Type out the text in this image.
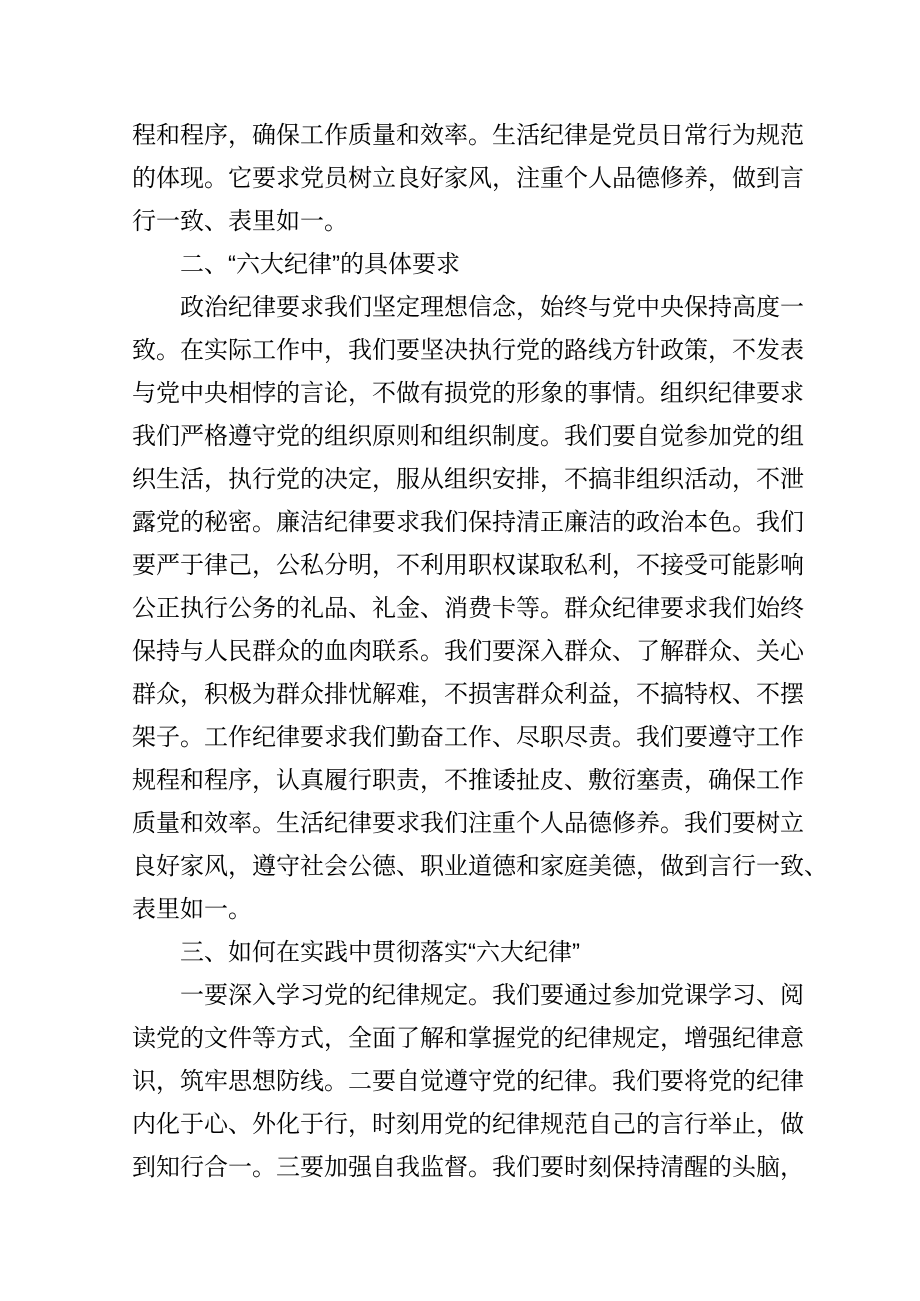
程和程序，确保工作质量和效率。生活纪律是党员日常行为规范
的体现。它要求党员树立良好家风，注重个人品德修养，做到言
行一致、表里如一。
二、“六大纪律”的具体要求
政治纪律要求我们坚定理想信念，始终与党中央保持高度一
致。在实际工作中，我们要坚决执行党的路线方针政策，不发表
与党中央相悖的言论，不做有损党的形象的事情。组织纪律要求
我们严格遵守党的组织原则和组织制度。我们要自觉参加党的组
织生活，执行党的决定，服从组织安排，不搞非组织活动，不泄
露党的秘密。廉洁纪律要求我们保持清正廉洁的政治本色。我们
要严于律己，公私分明，不利用职权谋取私利，不接受可能影响
公正执行公务的礼品、礼金、消费卡等。群众纪律要求我们始终
保持与人民群众的血肉联系。我们要深入群众、了解群众、关心
群众，积极为群众排忧解难，不损害群众利益，不搞特权、不摆
架子。工作纪律要求我们勤奋工作、尽职尽责。我们要遵守工作
规程和程序，认真履行职责，不推诿扯皮、敷衍塞责，确保工作
质量和效率。生活纪律要求我们注重个人品德修养。我们要树立
良好家风，遵守社会公德、职业道德和家庭美德，做到言行一致、
表里如一。
三、如何在实践中贯彻落实“六大纪律”
一要深入学习党的纪律规定。我们要通过参加党课学习、阅
读党的文件等方式，全面了解和掌握党的纪律规定，增强纪律意
识，筑牢思想防线。二要自觉遵守党的纪律。我们要将党的纪律
内化于心、外化于行，时刻用党的纪律规范自己的言行举止，做
到知行合一。三要加强自我监督。我们要时刻保持清醒的头脑，
